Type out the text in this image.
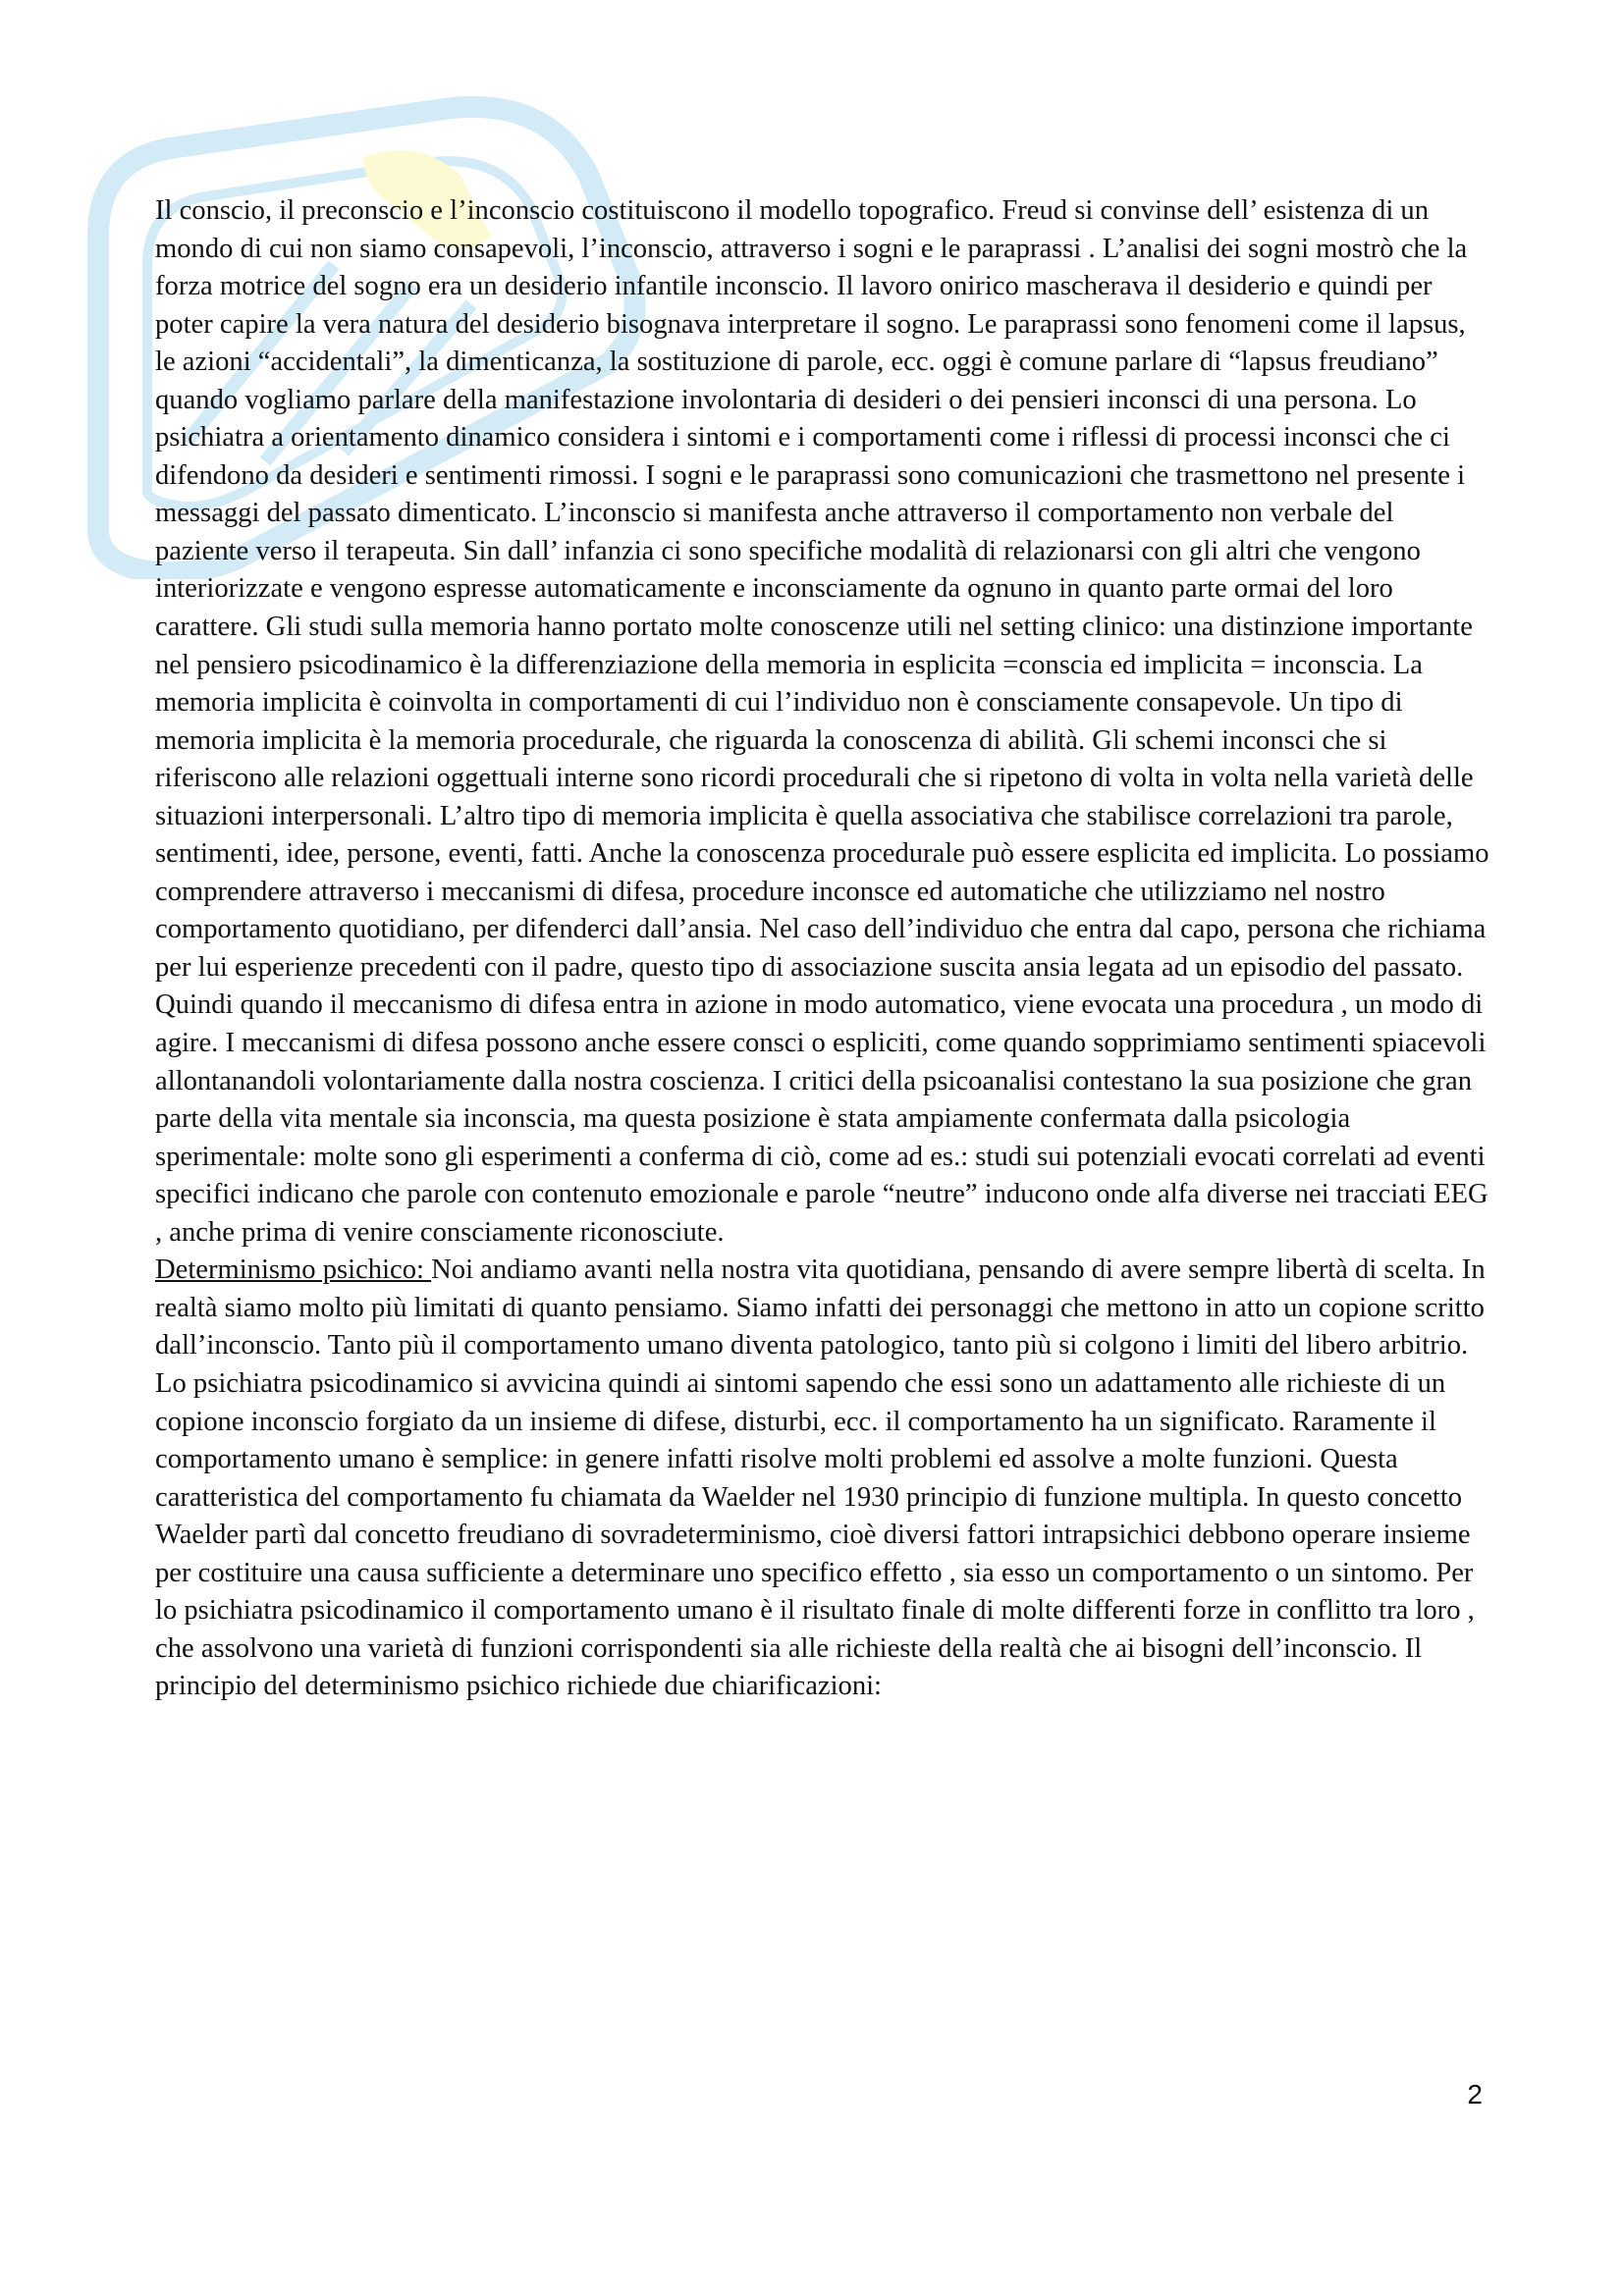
Il conscio, il preconscio e l’inconscio costituiscono il modello topografico. Freud si convinse dell’ esistenza di un mondo di cui non siamo consapevoli, l’inconscio, attraverso i sogni e le paraprassi . L’analisi dei sogni mostrò che la forza motrice del sogno era un desiderio infantile inconscio. Il lavoro onirico mascherava il desiderio e quindi per poter capire la vera natura del desiderio bisognava interpretare il sogno. Le paraprassi sono fenomeni come il lapsus, le azioni “accidentali”, la dimenticanza, la sostituzione di parole, ecc. oggi è comune parlare di “lapsus freudiano” quando vogliamo parlare della manifestazione involontaria di desideri o dei pensieri inconsci di una persona. Lo psichiatra a orientamento dinamico considera i sintomi e i comportamenti come i riflessi di processi inconsci che ci difendono da desideri e sentimenti rimossi. I sogni e le paraprassi sono comunicazioni che trasmettono nel presente i messaggi del passato dimenticato. L’inconscio si manifesta anche attraverso il comportamento non verbale del paziente verso il terapeuta. Sin dall’ infanzia ci sono specifiche modalità di relazionarsi con gli altri che vengono interiorizzate e vengono espresse automaticamente e inconsciamente da ognuno in quanto parte ormai del loro carattere. Gli studi sulla memoria hanno portato molte conoscenze utili nel setting clinico: una distinzione importante nel pensiero psicodinamico è la differenziazione della memoria in esplicita =conscia ed implicita = inconscia. La memoria implicita è coinvolta in comportamenti di cui l’individuo non è consciamente consapevole. Un tipo di memoria implicita è la memoria procedurale, che riguarda la conoscenza di abilità. Gli schemi inconsci che si riferiscono alle relazioni oggettuali interne sono ricordi procedurali che si ripetono di volta in volta nella varietà delle situazioni interpersonali. L’altro tipo di memoria implicita è quella associativa che stabilisce correlazioni tra parole, sentimenti, idee, persone, eventi, fatti. Anche la conoscenza procedurale può essere esplicita ed implicita. Lo possiamo comprendere attraverso i meccanismi di difesa, procedure inconsce ed automatiche che utilizziamo nel nostro comportamento quotidiano, per difenderci dall’ansia. Nel caso dell’individuo che entra dal capo, persona che richiama per lui esperienze precedenti con il padre, questo tipo di associazione suscita ansia legata ad un episodio del passato. Quindi quando il meccanismo di difesa entra in azione in modo automatico, viene evocata una procedura , un modo di agire. I meccanismi di difesa possono anche essere consci o espliciti, come quando sopprimiamo sentimenti spiacevoli allontanandoli volontariamente dalla nostra coscienza. I critici della psicoanalisi contestano la sua posizione che gran parte della vita mentale sia inconscia, ma questa posizione è stata ampiamente confermata dalla psicologia sperimentale: molte sono gli esperimenti a conferma di ciò, come ad es.: studi sui potenziali evocati correlati ad eventi specifici indicano che parole con contenuto emozionale e parole “neutre” inducono onde alfa diverse nei tracciati EEG , anche prima di venire consciamente riconosciute.

Determinismo psichico: Noi andiamo avanti nella nostra vita quotidiana, pensando di avere sempre libertà di scelta. In realtà siamo molto più limitati di quanto pensiamo. Siamo infatti dei personaggi che mettono in atto un copione scritto dall’inconscio. Tanto più il comportamento umano diventa patologico, tanto più si colgono i limiti del libero arbitrio. Lo psichiatra psicodinamico si avvicina quindi ai sintomi sapendo che essi sono un adattamento alle richieste di un copione inconscio forgiato da un insieme di difese, disturbi, ecc. il comportamento ha un significato. Raramente il comportamento umano è semplice: in genere infatti risolve molti problemi ed assolve a molte funzioni. Questa caratteristica del comportamento fu chiamata da Waelder nel 1930 principio di funzione multipla. In questo concetto Waelder partì dal concetto freudiano di sovradeterminismo, cioè diversi fattori intrapsichici debbono operare insieme per costituire una causa sufficiente a determinare uno specifico effetto , sia esso un comportamento o un sintomo. Per lo psichiatra psicodinamico il comportamento umano è il risultato finale di molte differenti forze in conflitto tra loro , che assolvono una varietà di funzioni corrispondenti sia alle richieste della realtà che ai bisogni dell’inconscio. Il principio del determinismo psichico richiede due chiarificazioni:

2
